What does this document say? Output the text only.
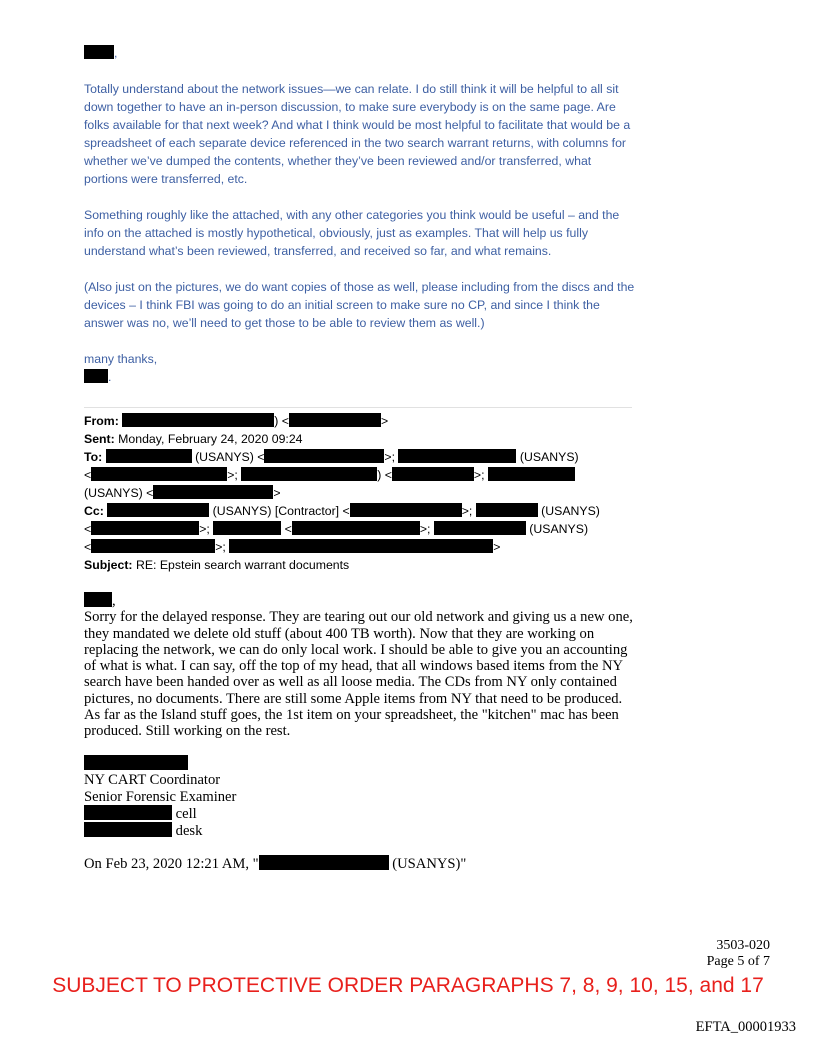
,

Totally understand about the network issues—we can relate. I do still think it will be helpful to all sit down together to have an in-person discussion, to make sure everybody is on the same page. Are folks available for that next week? And what I think would be most helpful to facilitate that would be a spreadsheet of each separate device referenced in the two search warrant returns, with columns for whether we’ve dumped the contents, whether they’ve been reviewed and/or transferred, what portions were transferred, etc.

Something roughly like the attached, with any other categories you think would be useful – and the info on the attached is mostly hypothetical, obviously, just as examples. That will help us fully understand what’s been reviewed, transferred, and received so far, and what remains.

(Also just on the pictures, we do want copies of those as well, please including from the discs and the devices – I think FBI was going to do an initial screen to make sure no CP, and since I think the answer was no, we’ll need to get those to be able to review them as well.)

many thanks,

.

From:	) <	>
Sent: Monday, February 24, 2020 09:24
To:	(USANYS) <	>;	(USANYS)
<	>;	) <	>;
(USANYS) <	>
Cc:	(USANYS) [Contractor] <	>;	(USANYS)
<	>;	<	>;	(USANYS)
<	>;	>
Subject: RE: Epstein search warrant documents
,
Sorry for the delayed response. They are tearing out our old network and giving us a new one, they mandated we delete old stuff (about 400 TB worth). Now that they are working on replacing the network, we can do only local work. I should be able to give you an accounting of what is what. I can say, off the top of my head, that all windows based items from the NY search have been handed over as well as all loose media. The CDs from NY only contained pictures, no documents. There are still some Apple items from NY that need to be produced. As far as the Island stuff goes, the 1st item on your spreadsheet, the "kitchen" mac has been produced. Still working on the rest.
NY CART Coordinator
Senior Forensic Examiner
cell
desk
On Feb 23, 2020 12:21 AM, "	(USANYS)"
3503-020
Page 5 of 7
SUBJECT TO PROTECTIVE ORDER PARAGRAPHS 7, 8, 9, 10, 15, and 17
EFTA_00001933
